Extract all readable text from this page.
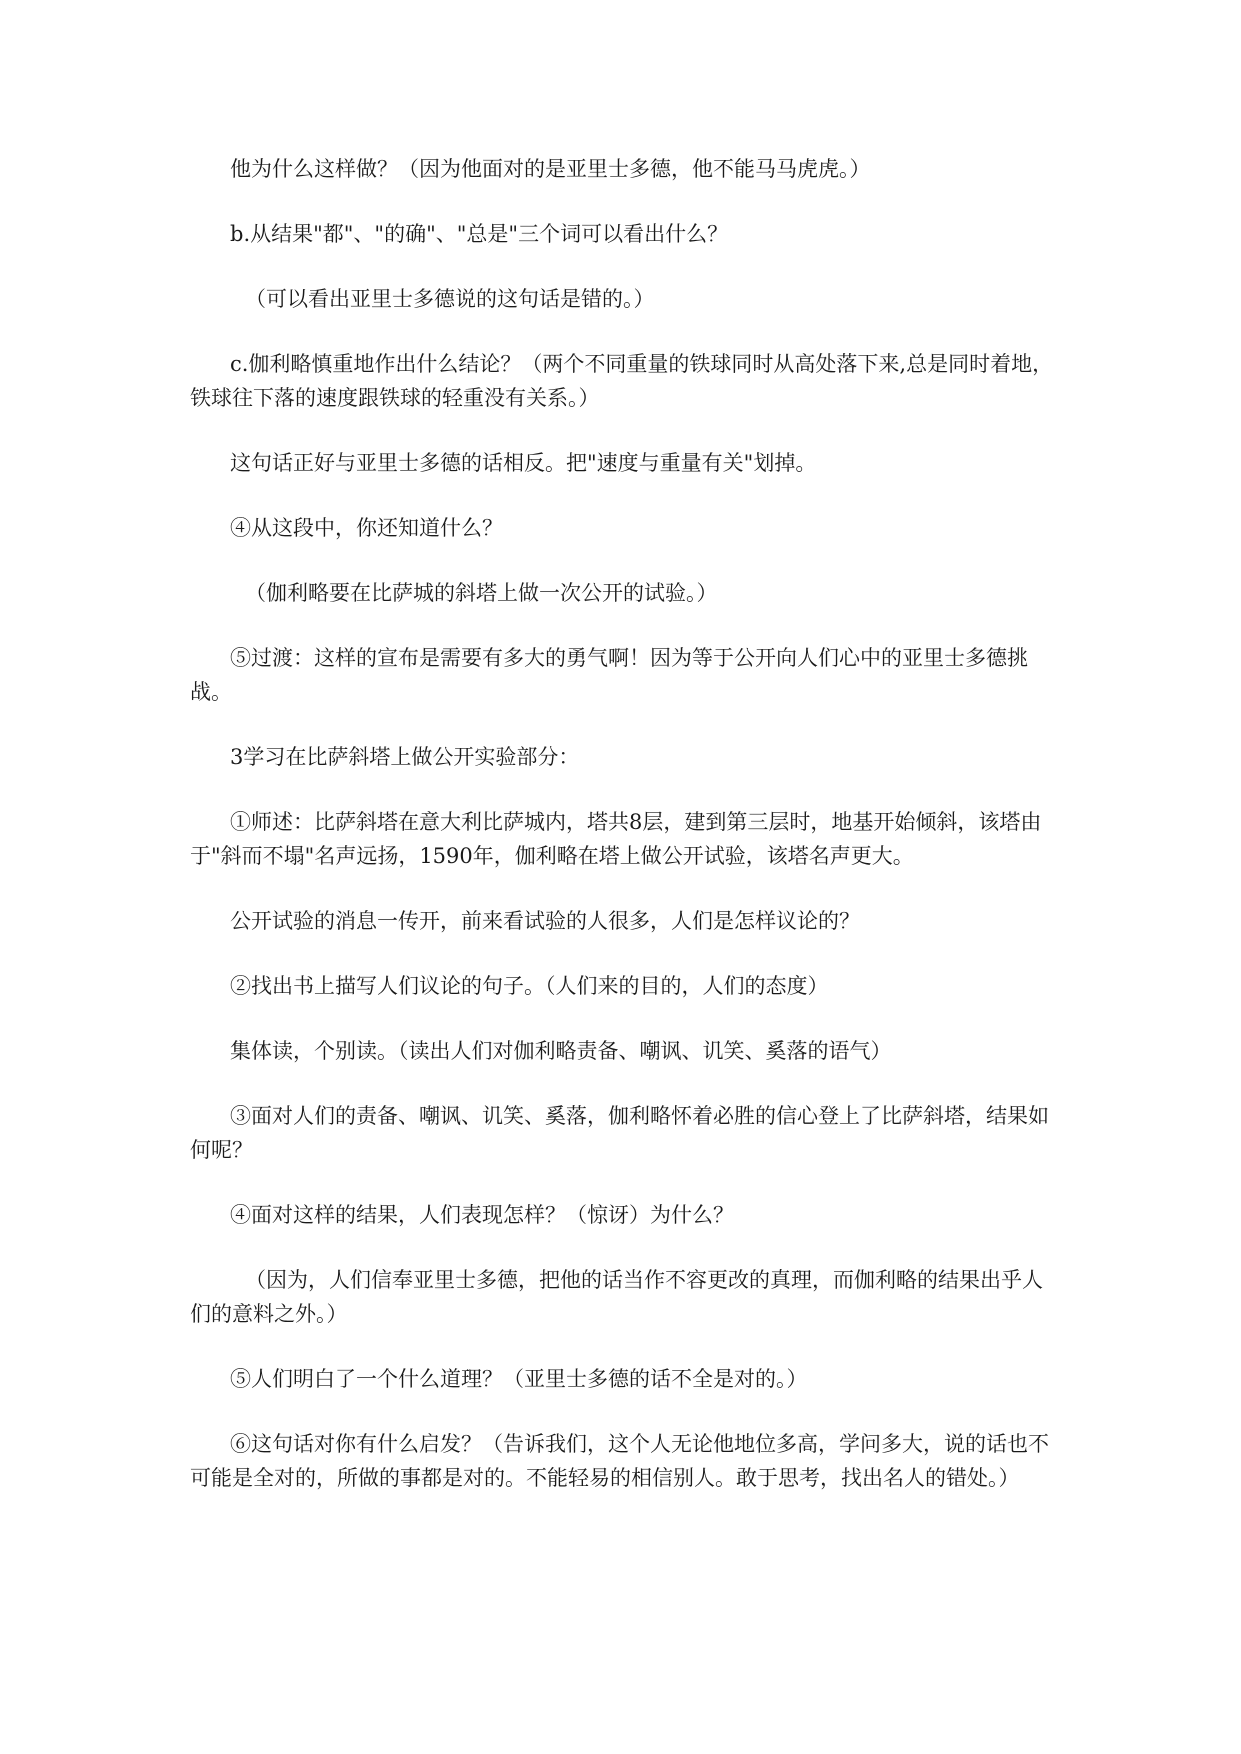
他为什么这样做？（因为他面对的是亚里士多德，他不能马马虎虎。）

b.从结果"都"、"的确"、"总是"三个词可以看出什么？

（可以看出亚里士多德说的这句话是错的。）

c.伽利略慎重地作出什么结论？（两个不同重量的铁球同时从高处落下来,总是同时着地，铁球往下落的速度跟铁球的轻重没有关系。）

这句话正好与亚里士多德的话相反。把"速度与重量有关"划掉。

④从这段中，你还知道什么？

（伽利略要在比萨城的斜塔上做一次公开的试验。）

⑤过渡：这样的宣布是需要有多大的勇气啊！因为等于公开向人们心中的亚里士多德挑战。

3学习在比萨斜塔上做公开实验部分：

①师述：比萨斜塔在意大利比萨城内，塔共8层，建到第三层时，地基开始倾斜，该塔由于"斜而不塌"名声远扬，1590年，伽利略在塔上做公开试验，该塔名声更大。

公开试验的消息一传开，前来看试验的人很多，人们是怎样议论的？

②找出书上描写人们议论的句子。（人们来的目的，人们的态度）

集体读，个别读。（读出人们对伽利略责备、嘲讽、讥笑、奚落的语气）

③面对人们的责备、嘲讽、讥笑、奚落，伽利略怀着必胜的信心登上了比萨斜塔，结果如何呢？

④面对这样的结果，人们表现怎样？（惊讶）为什么？

（因为，人们信奉亚里士多德，把他的话当作不容更改的真理，而伽利略的结果出乎人们的意料之外。）

⑤人们明白了一个什么道理？（亚里士多德的话不全是对的。）

⑥这句话对你有什么启发？（告诉我们，这个人无论他地位多高，学问多大，说的话也不可能是全对的，所做的事都是对的。不能轻易的相信别人。敢于思考，找出名人的错处。）
